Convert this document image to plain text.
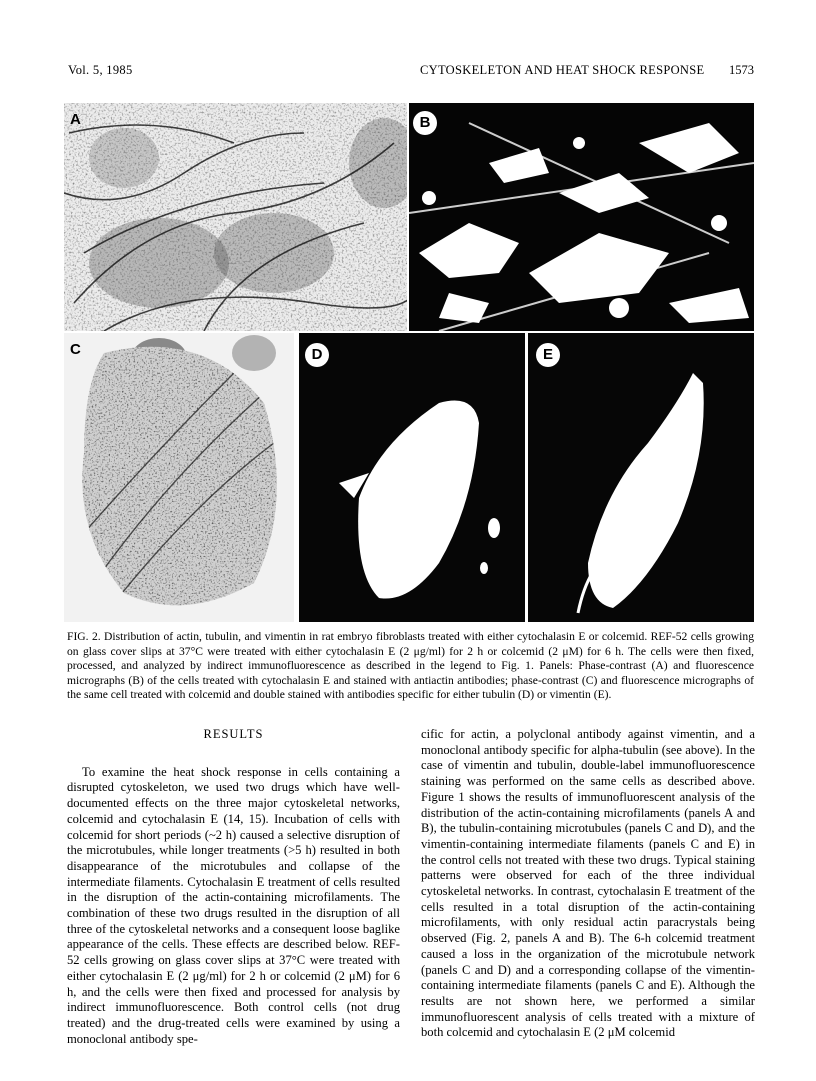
Vol. 5, 1985	CYTOSKELETON AND HEAT SHOCK RESPONSE 1573
A	B
C	D	E
FIG. 2. Distribution of actin, tubulin, and vimentin in rat embryo fibroblasts treated with either cytochalasin E or colcemid. REF-52 cells growing on glass cover slips at 37°C were treated with either cytochalasin E (2 μg/ml) for 2 h or colcemid (2 μM) for 6 h. The cells were then fixed, processed, and analyzed by indirect immunofluorescence as described in the legend to Fig. 1. Panels: Phase-contrast (A) and fluorescence micrographs (B) of the cells treated with cytochalasin E and stained with antiactin antibodies; phase-contrast (C) and fluorescence micrographs of the same cell treated with colcemid and double stained with antibodies specific for either tubulin (D) or vimentin (E).
RESULTS

To examine the heat shock response in cells containing a disrupted cytoskeleton, we used two drugs which have well-documented effects on the three major cytoskeletal networks, colcemid and cytochalasin E (14, 15). Incubation of cells with colcemid for short periods (~2 h) caused a selective disruption of the microtubules, while longer treatments (>5 h) resulted in both disappearance of the microtubules and collapse of the intermediate filaments. Cytochalasin E treatment of cells resulted in the disruption of the actin-containing microfilaments. The combination of these two drugs resulted in the disruption of all three of the cytoskeletal networks and a consequent loose baglike appearance of the cells. These effects are described below. REF-52 cells growing on glass cover slips at 37°C were treated with either cytochalasin E (2 μg/ml) for 2 h or colcemid (2 μM) for 6 h, and the cells were then fixed and processed for analysis by indirect immunofluorescence. Both control cells (not drug treated) and the drug-treated cells were examined by using a monoclonal antibody spe-

cific for actin, a polyclonal antibody against vimentin, and a monoclonal antibody specific for alpha-tubulin (see above). In the case of vimentin and tubulin, double-label immunofluorescence staining was performed on the same cells as described above. Figure 1 shows the results of immunofluorescent analysis of the distribution of the actin-containing microfilaments (panels A and B), the tubulin-containing microtubules (panels C and D), and the vimentin-containing intermediate filaments (panels C and E) in the control cells not treated with these two drugs. Typical staining patterns were observed for each of the three individual cytoskeletal networks. In contrast, cytochalasin E treatment of the cells resulted in a total disruption of the actin-containing microfilaments, with only residual actin paracrystals being observed (Fig. 2, panels A and B). The 6-h colcemid treatment caused a loss in the organization of the microtubule network (panels C and D) and a corresponding collapse of the vimentin-containing intermediate filaments (panels C and E). Although the results are not shown here, we performed a similar immunofluorescent analysis of cells treated with a mixture of both colcemid and cytochalasin E (2 μM colcemid
